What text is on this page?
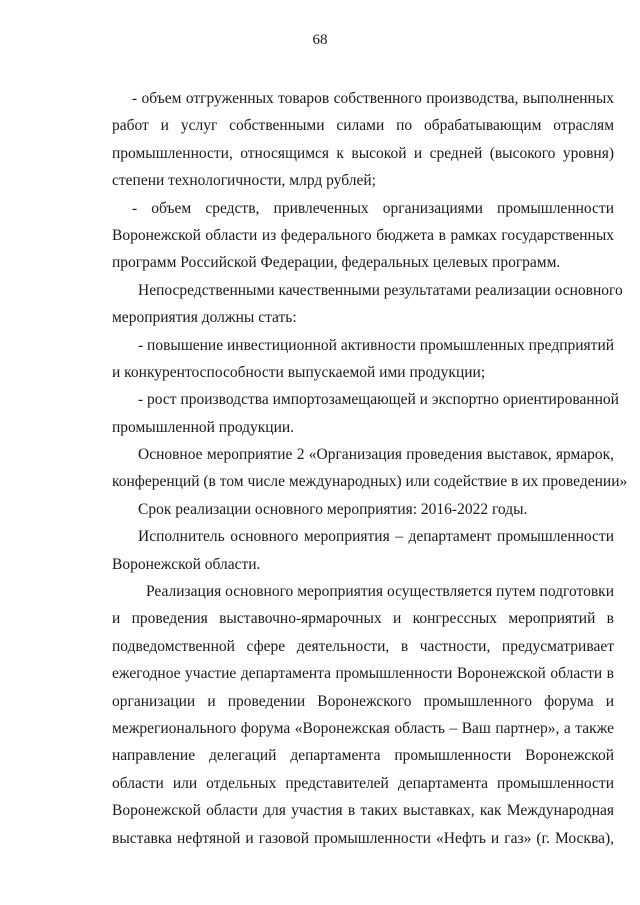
68
- объем отгруженных товаров собственного производства, выполненных
работ и услуг собственными силами по обрабатывающим отраслям
промышленности, относящимся к высокой и средней (высокого уровня)
степени технологичности, млрд рублей;
- объем средств, привлеченных организациями промышленности
Воронежской области из федерального бюджета в рамках государственных
программ Российской Федерации, федеральных целевых программ.
Непосредственными качественными результатами реализации основного
мероприятия должны стать:
- повышение инвестиционной активности промышленных предприятий
и конкурентоспособности выпускаемой ими продукции;
- рост производства импортозамещающей и экспортно ориентированной
промышленной продукции.
Основное мероприятие 2 «Организация проведения выставок, ярмарок,
конференций (в том числе международных) или содействие в их проведении»
Срок реализации основного мероприятия: 2016-2022 годы.
Исполнитель основного мероприятия – департамент промышленности
Воронежской области.
Реализация основного мероприятия осуществляется путем подготовки
и проведения выставочно-ярмарочных и конгрессных мероприятий в
подведомственной сфере деятельности, в частности, предусматривает
ежегодное участие департамента промышленности Воронежской области в
организации и проведении Воронежского промышленного форума и
межрегионального форума «Воронежская область – Ваш партнер», а также
направление делегаций департамента промышленности Воронежской
области или отдельных представителей департамента промышленности
Воронежской области для участия в таких выставках, как Международная
выставка нефтяной и газовой промышленности «Нефть и газ» (г. Москва),
